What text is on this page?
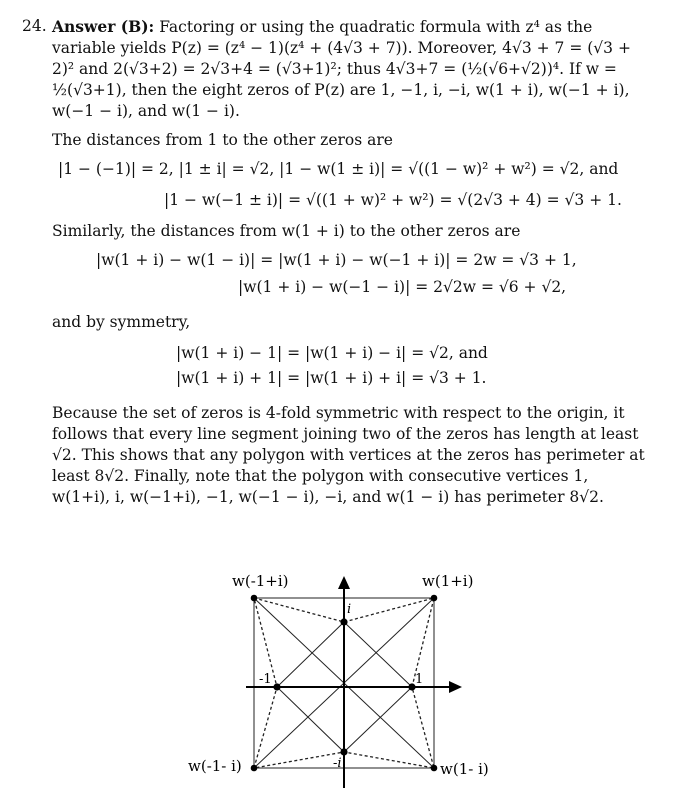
24. Answer (B): Factoring or using the quadratic formula with z⁴ as the variable yields P(z) = (z⁴ − 1)(z⁴ + (4√3 + 7)). Moreover, 4√3 + 7 = (√3 + 2)² and 2(√3+2) = 2√3+4 = (√3+1)²; thus 4√3+7 = (½(√6+√2))⁴. If w = ½(√3+1), then the eight zeros of P(z) are 1, −1, i, −i, w(1 + i), w(−1 + i), w(−1 − i), and w(1 − i).

The distances from 1 to the other zeros are

|1 − (−1)| = 2, |1 ± i| = √2, |1 − w(1 ± i)| = √((1 − w)² + w²) = √2, and
|1 − w(−1 ± i)| = √((1 + w)² + w²) = √(2√3 + 4) = √3 + 1.

Similarly, the distances from w(1 + i) to the other zeros are

|w(1 + i) − w(1 − i)| = |w(1 + i) − w(−1 + i)| = 2w = √3 + 1,
|w(1 + i) − w(−1 − i)| = 2√2w = √6 + √2,

and by symmetry,

|w(1 + i) − 1| = |w(1 + i) − i| = √2, and
|w(1 + i) + 1| = |w(1 + i) + i| = √3 + 1.

Because the set of zeros is 4-fold symmetric with respect to the origin, it follows that every line segment joining two of the zeros has length at least √2. This shows that any polygon with vertices at the zeros has perimeter at least 8√2. Finally, note that the polygon with consecutive vertices 1, w(1+i), i, w(−1+i), −1, w(−1 − i), −i, and w(1 − i) has perimeter 8√2.

w(-1+i)	w(1+i)
w(-1- i)	w(1- i)
i
-i
1
-1
